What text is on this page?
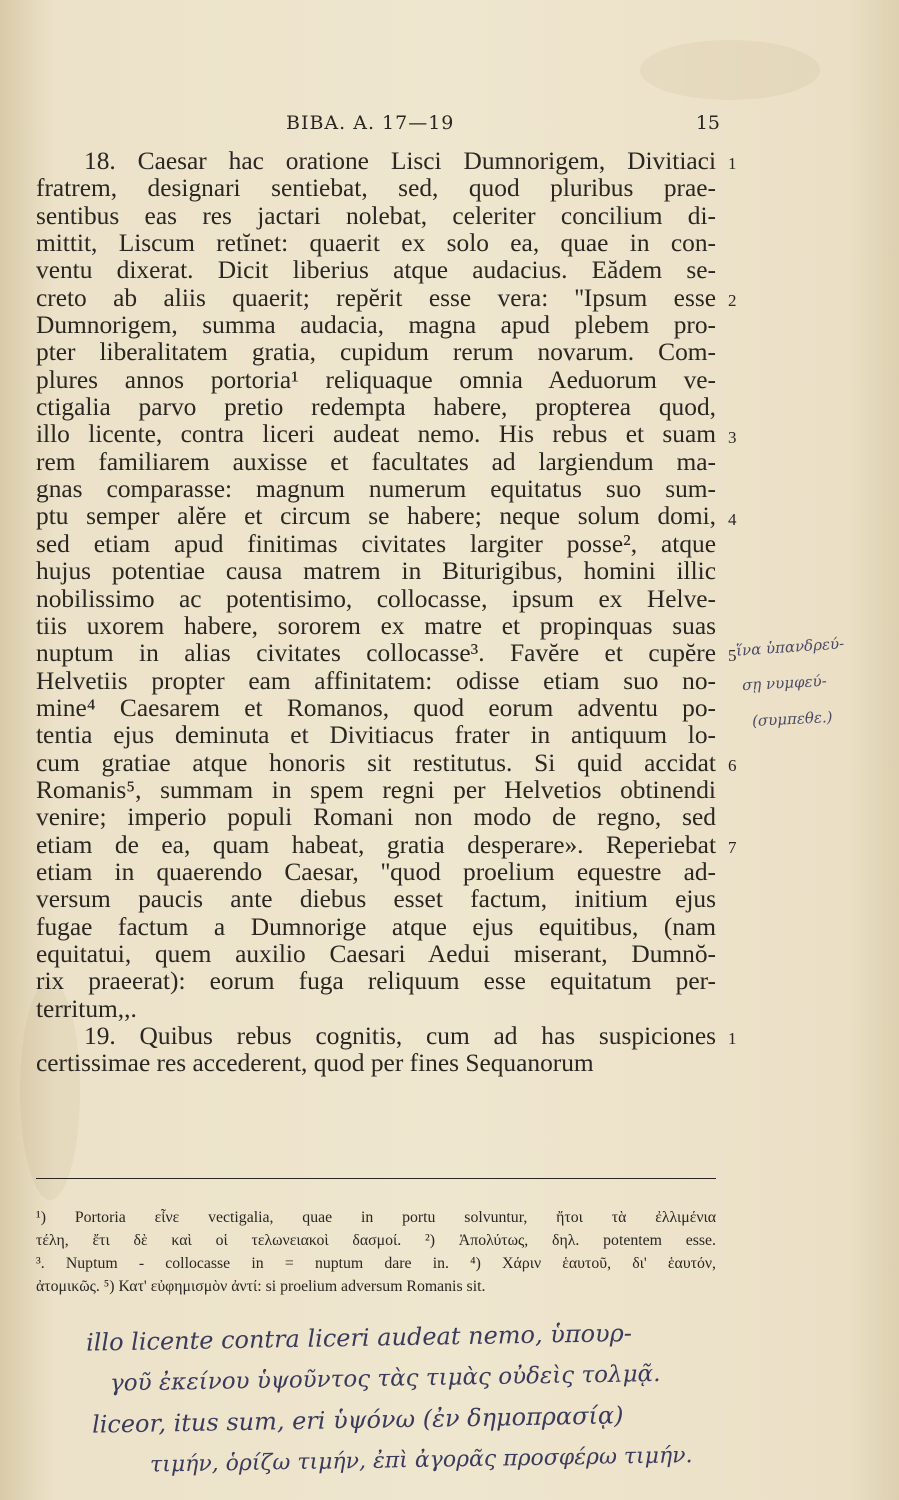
BIBA. A. 17—19	15
18. Caesar hac oratione Lisci Dumnorigem, Divitiaci
fratrem, designari sentiebat, sed, quod pluribus prae-
sentibus eas res jactari nolebat, celeriter concilium di-
mittit, Liscum retĭnet: quaerit ex solo ea, quae in con-
ventu dixerat. Dicit liberius atque audacius. Eădem se-
creto ab aliis quaerit; repĕrit esse vera: ''Ipsum esse
Dumnorigem, summa audacia, magna apud plebem pro-
pter liberalitatem gratia, cupidum rerum novarum. Com-
plures annos portoria¹ reliquaque omnia Aeduorum ve-
ctigalia parvo pretio redempta habere, propterea quod,
illo licente, contra liceri audeat nemo. His rebus et suam
rem familiarem auxisse et facultates ad largiendum ma-
gnas comparasse: magnum numerum equitatus suo sum-
ptu semper alĕre et circum se habere; neque solum domi,
sed etiam apud finitimas civitates largiter posse², atque
hujus potentiae causa matrem in Biturigibus, homini illic
nobilissimo ac potentisimo, collocasse, ipsum ex Helve-
tiis uxorem habere, sororem ex matre et propinquas suas
nuptum in alias civitates collocasse³. Favĕre et cupĕre
Helvetiis propter eam affinitatem: odisse etiam suo no-
mine⁴ Caesarem et Romanos, quod eorum adventu po-
tentia ejus deminuta et Divitiacus frater in antiquum lo-
cum gratiae atque honoris sit restitutus. Si quid accidat
Romanis⁵, summam in spem regni per Helvetios obtinendi
venire; imperio populi Romani non modo de regno, sed
etiam de ea, quam habeat, gratia desperare». Reperiebat
etiam in quaerendo Caesar, ''quod proelium equestre ad-
versum paucis ante diebus esset factum, initium ejus
fugae factum a Dumnorige atque ejus equitibus, (nam
equitatui, quem auxilio Caesari Aedui miserant, Dumnŏ-
rix praeerat): eorum fuga reliquum esse equitatum per-
territum,,.
19. Quibus rebus cognitis, cum ad has suspiciones
certissimae res accederent, quod per fines Sequanorum
1
2
3
4
5
6
7
1
¹) Portoria εἶνε vectigalia, quae in portu solvuntur, ἤτοι τὰ ἐλλιμένια
τέλη, ἔτι δὲ καὶ οἱ τελωνειακοὶ δασμοί. ²) Ἀπολύτως, δηλ. potentem esse.
³. Nuptum - collocasse in = nuptum dare in. ⁴) Χάριν ἑαυτοῦ, δι' ἑαυτόν,
ἀτομικῶς. ⁵) Κατ' εὐφημισμὸν ἀντί: si proelium adversum Romanis sit.
ἵνα ὑπανδρεύ-
σῃ νυμφεύ-
(συμπεθε.)
illo licente contra liceri audeat nemo, ὑπουρ-
γοῦ ἐκείνου ὑψοῦντος τὰς τιμὰς οὐδεὶς τολμᾷ.
liceor, itus sum, eri ὑψόνω (ἐν δημοπρασίᾳ)
τιμήν, ὁρίζω τιμήν, ἐπὶ ἀγορᾶς προσφέρω τιμήν.
